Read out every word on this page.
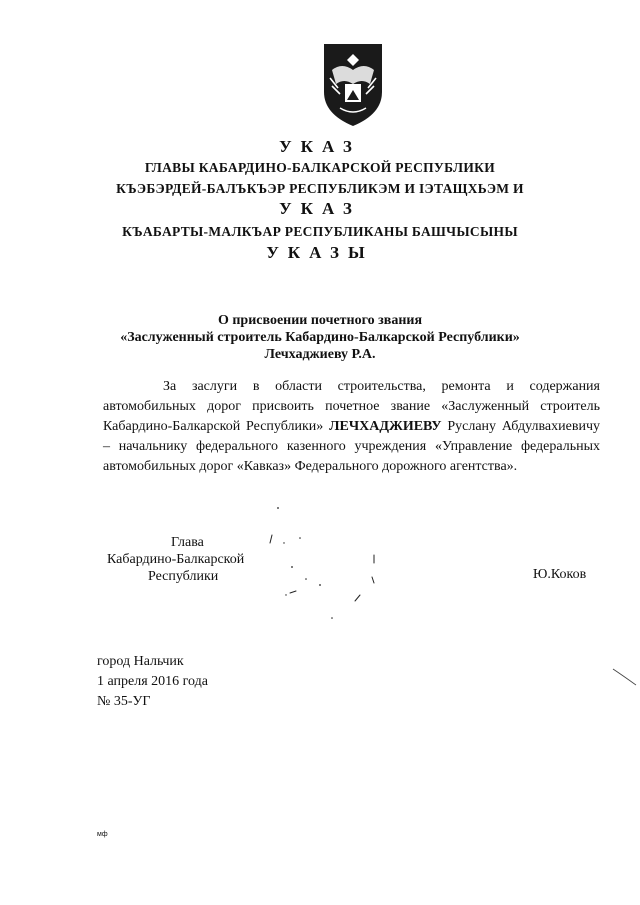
УКАЗ
ГЛАВЫ КАБАРДИНО-БАЛКАРСКОЙ РЕСПУБЛИКИ
КЪЭБЭРДЕЙ-БАЛЪКЪЭР РЕСПУБЛИКЭМ И ІЭТАЩХЬЭМ И
УКАЗ
КЪАБАРТЫ-МАЛКЪАР РЕСПУБЛИКАНЫ БАШЧЫСЫНЫ
УКАЗЫ
О присвоении почетного звания
«Заслуженный строитель Кабардино-Балкарской Республики»
Лечхаджиеву Р.А.

За заслуги в области строительства, ремонта и содержания автомобильных дорог присвоить почетное звание «Заслуженный строитель Кабардино-Балкарской Республики» ЛЕЧХАДЖИЕВУ Руслану Абдулвахиевичу – начальнику федерального казенного учреждения «Управление федеральных автомобильных дорог «Кавказ» Федерального дорожного агентства».

Глава
Кабардино-Балкарской
Республики	Ю.Коков
город Нальчик
1 апреля 2016 года
№ 35-УГ
мф
